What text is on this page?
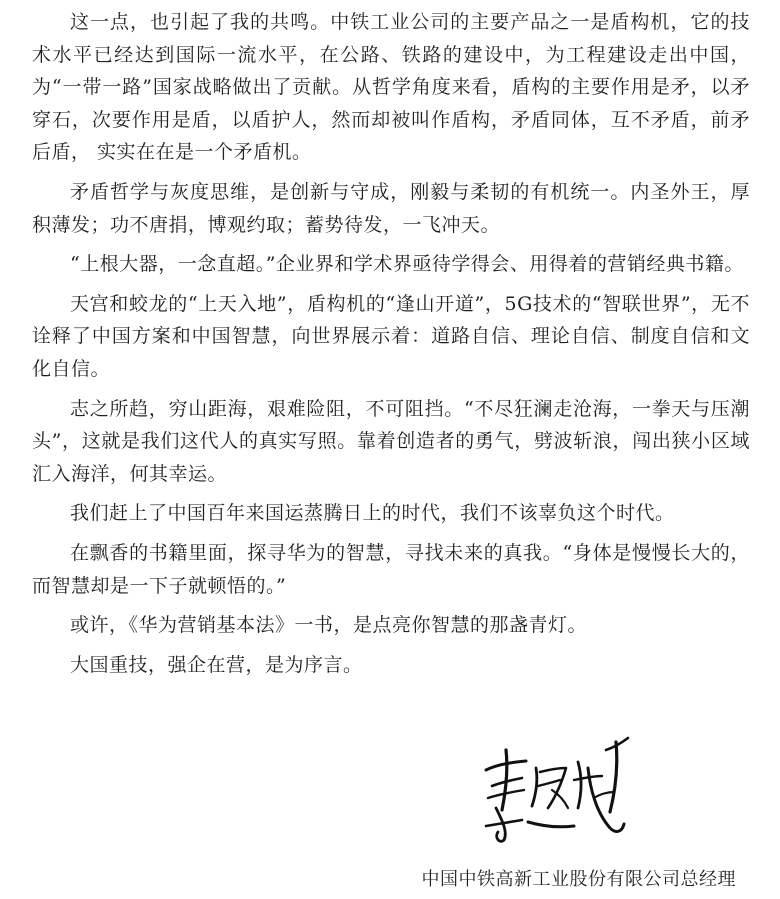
这一点，也引起了我的共鸣。中铁工业公司的主要产品之一是盾构机，它的技术水平已经达到国际一流水平，在公路、铁路的建设中，为工程建设走出中国，为“一带一路”国家战略做出了贡献。从哲学角度来看，盾构的主要作用是矛，以矛穿石，次要作用是盾，以盾护人，然而却被叫作盾构，矛盾同体，互不矛盾，前矛后盾， 实实在在是一个矛盾机。

矛盾哲学与灰度思维，是创新与守成，刚毅与柔韧的有机统一。内圣外王，厚积薄发；功不唐捐，博观约取；蓄势待发，一飞冲天。

“上根大器，一念直超。”企业界和学术界亟待学得会、用得着的营销经典书籍。

天宫和蛟龙的“上天入地”，盾构机的“逢山开道”，5G技术的“智联世界”，无不诠释了中国方案和中国智慧，向世界展示着：道路自信、理论自信、制度自信和文化自信。

志之所趋，穷山距海，艰难险阻，不可阻挡。“不尽狂澜走沧海，一拳天与压潮头”，这就是我们这代人的真实写照。靠着创造者的勇气，劈波斩浪，闯出狭小区域汇入海洋，何其幸运。

我们赶上了中国百年来国运蒸腾日上的时代，我们不该辜负这个时代。

在飘香的书籍里面，探寻华为的智慧，寻找未来的真我。“身体是慢慢长大的，而智慧却是一下子就顿悟的。”

或许，《华为营销基本法》一书，是点亮你智慧的那盏青灯。

大国重技，强企在营，是为序言。

中国中铁高新工业股份有限公司总经理
